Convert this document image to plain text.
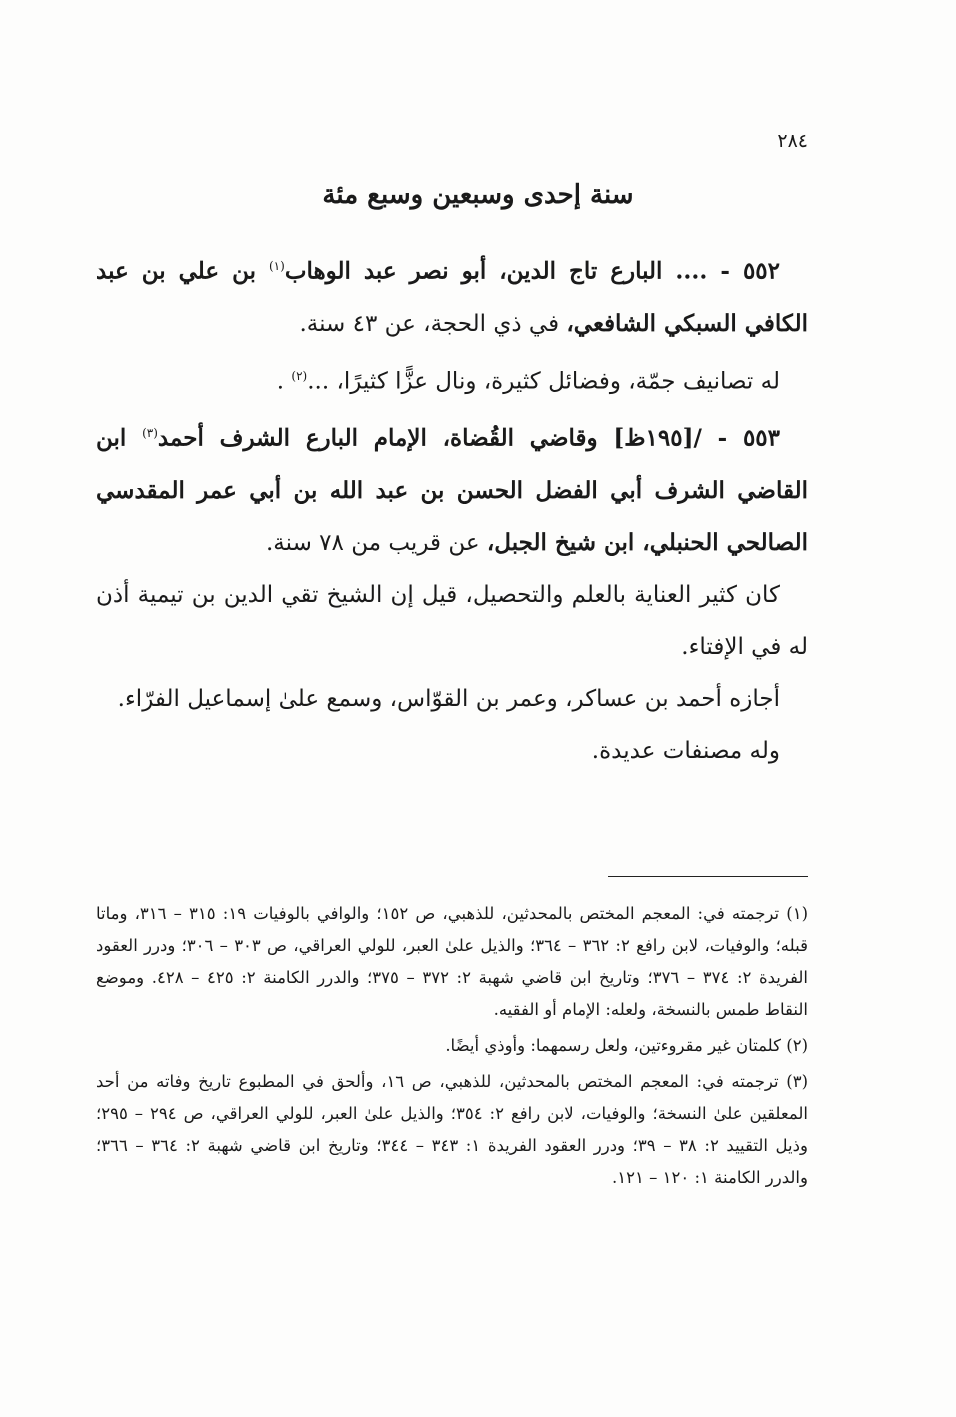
٢٨٤
سنة إحدى وسبعين وسبع مئة

٥٥٢ - .... البارع تاج الدين، أبو نصر عبد الوهاب$^{(١)}$ بن علي بن عبد الكافي السبكي الشافعي، في ذي الحجة، عن ٤٣ سنة.

له تصانيف جمّة، وفضائل كثيرة، ونال عزًّا كثيرًا، ...$^{(٢)}$ .

٥٥٣ - /[١٩٥ظ] وقاضي القُضاة، الإمام البارع الشرف أحمد$^{(٣)}$ ابن القاضي الشرف أبي الفضل الحسن بن عبد الله بن أبي عمر المقدسي الصالحي الحنبلي، ابن شيخ الجبل، عن قريب من ٧٨ سنة.

كان كثير العناية بالعلم والتحصيل، قيل إن الشيخ تقي الدين بن تيمية أذن له في الإفتاء.

أجازه أحمد بن عساكر، وعمر بن القوّاس، وسمع علىٰ إسماعيل الفرّاء.

وله مصنفات عديدة.

(١) ترجمته في: المعجم المختص بالمحدثين، للذهبي، ص ١٥٢؛ والوافي بالوفيات ١٩: ٣١٥ – ٣١٦، وماتا قبله؛ والوفيات، لابن رافع ٢: ٣٦٢ – ٣٦٤؛ والذيل علىٰ العبر، للولي العراقي، ص ٣٠٣ – ٣٠٦؛ ودرر العقود الفريدة ٢: ٣٧٤ – ٣٧٦؛ وتاريخ ابن قاضي شهبة ٢: ٣٧٢ – ٣٧٥؛ والدرر الكامنة ٢: ٤٢٥ – ٤٢٨. وموضع النقاط طمس بالنسخة، ولعله: الإمام أو الفقيه.

(٢) كلمتان غير مقروءتين، ولعل رسمهما: وأوذي أيضًا.

(٣) ترجمته في: المعجم المختص بالمحدثين، للذهبي، ص ١٦، وألحق في المطبوع تاريخ وفاته من أحد المعلقين علىٰ النسخة؛ والوفيات، لابن رافع ٢: ٣٥٤؛ والذيل علىٰ العبر، للولي العراقي، ص ٢٩٤ – ٢٩٥؛ وذيل التقييد ٢: ٣٨ – ٣٩؛ ودرر العقود الفريدة ١: ٣٤٣ – ٣٤٤؛ وتاريخ ابن قاضي شهبة ٢: ٣٦٤ – ٣٦٦؛ والدرر الكامنة ١: ١٢٠ – ١٢١.
